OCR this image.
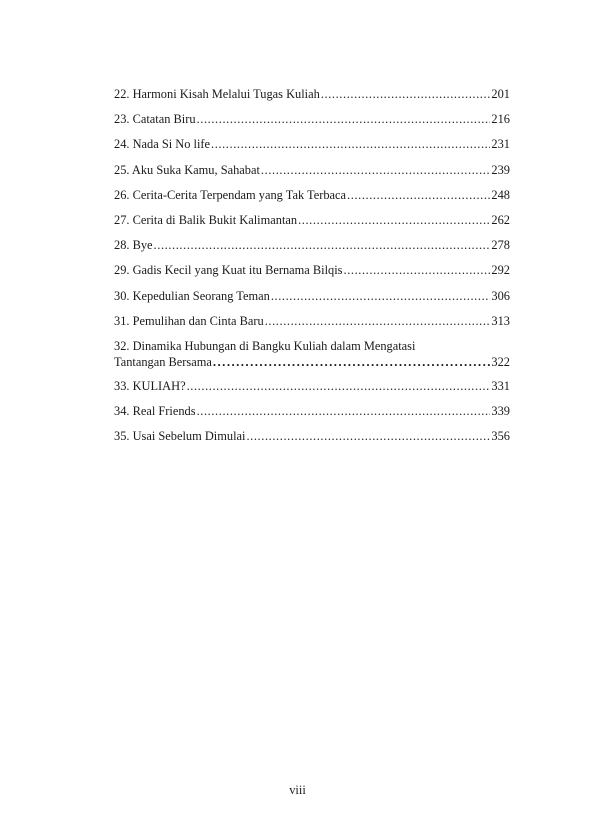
22. Harmoni Kisah Melalui Tugas Kuliah .....	201
23. Catatan Biru .....	216
24. Nada Si No life .....	231
25. Aku Suka Kamu, Sahabat .....	239
26. Cerita-Cerita Terpendam yang Tak Terbaca .....	248
27. Cerita di Balik Bukit Kalimantan .....	262
28. Bye .....	278
29. Gadis Kecil yang Kuat itu Bernama Bilqis .....	292
30. Kepedulian Seorang Teman .....	306
31. Pemulihan dan Cinta Baru .....	313
32. Dinamika Hubungan di Bangku Kuliah dalam Mengatasi
Tantangan Bersama .....	322
33. KULIAH? .....	331
34. Real Friends .....	339
35. Usai Sebelum Dimulai .....	356
viii
